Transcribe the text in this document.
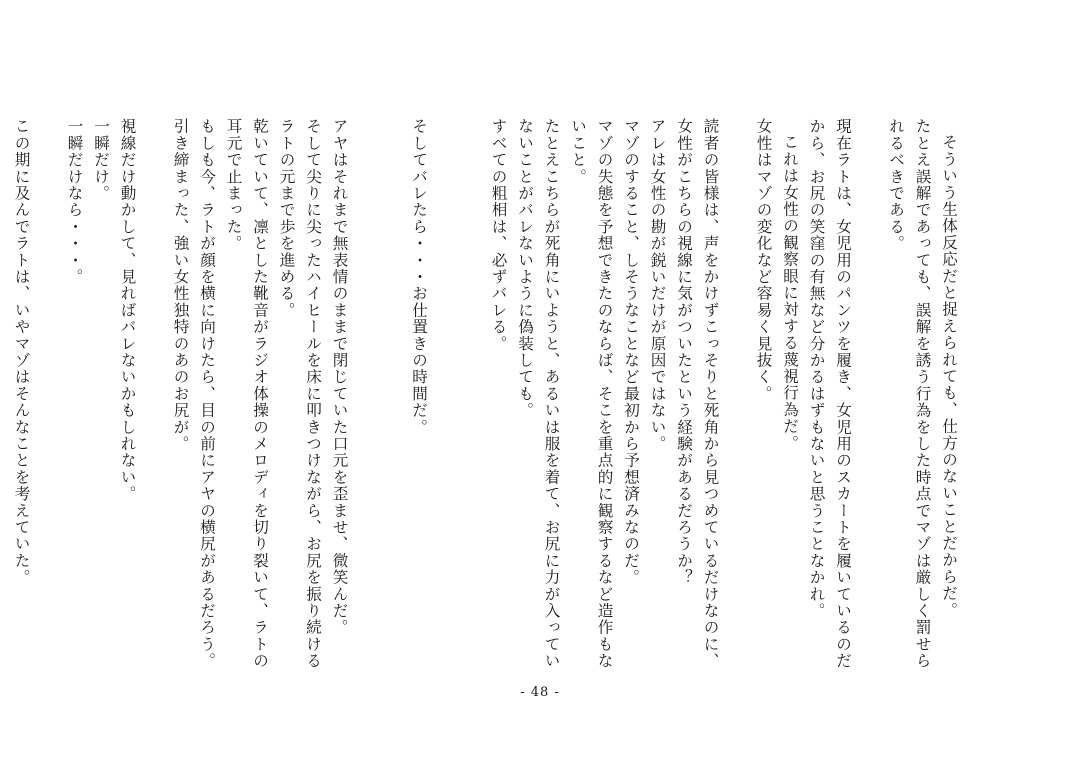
そういう生体反応だと捉えられても、仕方のないことだからだ。

たとえ誤解であっても、誤解を誘う行為をした時点でマゾは厳しく罰せられるべきである。

現在ラトは、女児用のパンツを履き、女児用のスカートを履いているのだから、お尻の笑窪の有無など分かるはずもないと思うことなかれ。

これは女性の観察眼に対する蔑視行為だ。

女性はマゾの変化など容易く見抜く。

読者の皆様は、声をかけずこっそりと死角から見つめているだけなのに、女性がこちらの視線に気がついたという経験があるだろうか？

アレは女性の勘が鋭いだけが原因ではない。

マゾのすること、しそうなことなど最初から予想済みなのだ。

マゾの失態を予想できたのならば、そこを重点的に観察するなど造作もないこと。

たとえこちらが死角にいようと、あるいは服を着て、お尻に力が入っていないことがバレないように偽装しても。

すべての粗相は、必ずバレる。

そしてバレたら・・・お仕置きの時間だ。

アヤはそれまで無表情のままで閉じていた口元を歪ませ、微笑んだ。

そして尖りに尖ったハイヒールを床に叩きつけながら、お尻を振り続けるラトの元まで歩を進める。

乾いていて、凛とした靴音がラジオ体操のメロディを切り裂いて、ラトの耳元で止まった。

もしも今、ラトが顔を横に向けたら、目の前にアヤの横尻があるだろう。

引き締まった、強い女性独特のあのお尻が。

視線だけ動かして、見ればバレないかもしれない。

一瞬だけ。

一瞬だけなら・・・。

この期に及んでラトは、いやマゾはそんなことを考えていた。

- 48 -
